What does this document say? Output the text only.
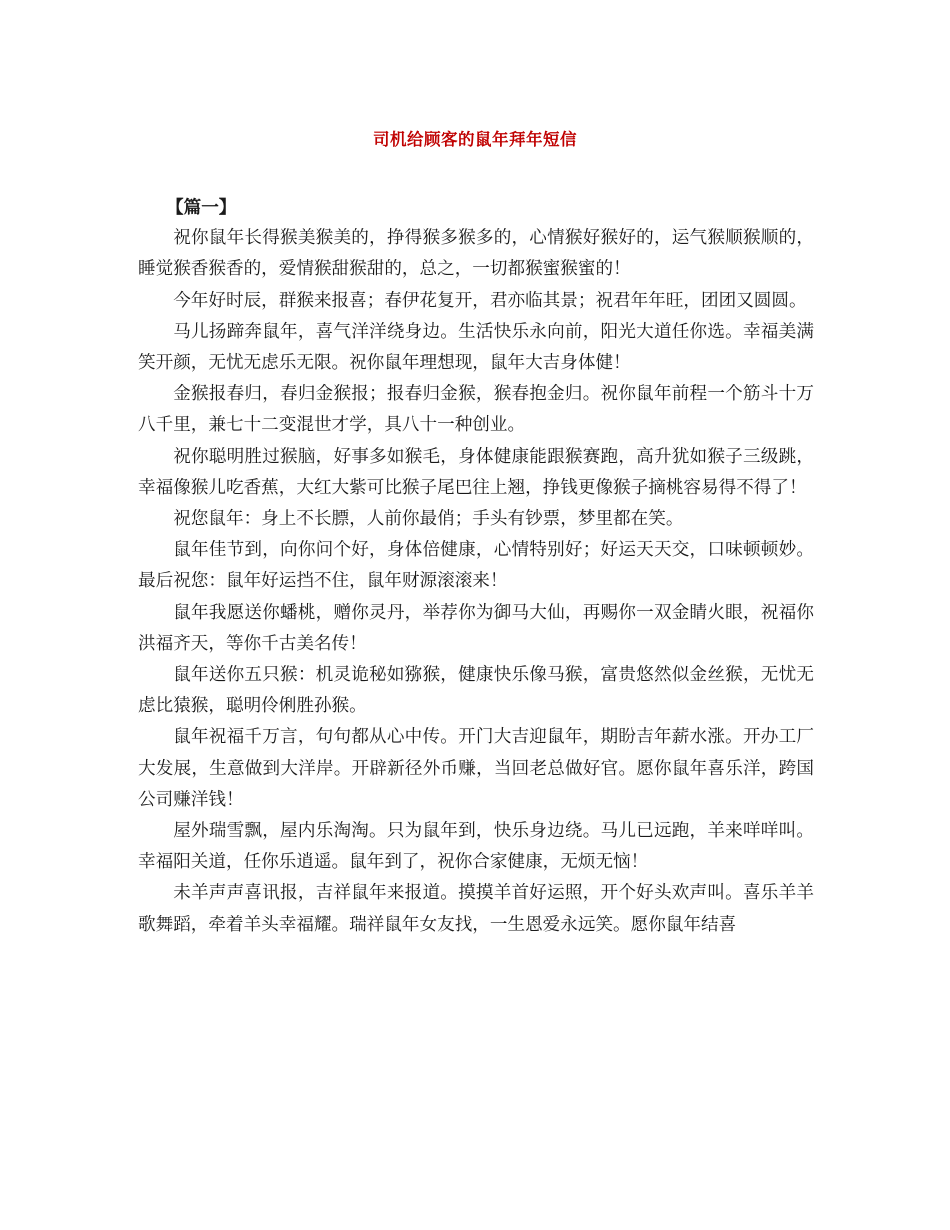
司机给顾客的鼠年拜年短信

【篇一】

祝你鼠年长得猴美猴美的，挣得猴多猴多的，心情猴好猴好的，运气猴顺猴顺的，睡觉猴香猴香的，爱情猴甜猴甜的，总之，一切都猴蜜猴蜜的！

今年好时辰，群猴来报喜；春伊花复开，君亦临其景；祝君年年旺，团团又圆圆。

马儿扬蹄奔鼠年，喜气洋洋绕身边。生活快乐永向前，阳光大道任你选。幸福美满笑开颜，无忧无虑乐无限。祝你鼠年理想现，鼠年大吉身体健！

金猴报春归，春归金猴报；报春归金猴，猴春抱金归。祝你鼠年前程一个筋斗十万八千里，兼七十二变混世才学，具八十一种创业。

祝你聪明胜过猴脑，好事多如猴毛，身体健康能跟猴赛跑，高升犹如猴子三级跳，幸福像猴儿吃香蕉，大红大紫可比猴子尾巴往上翘，挣钱更像猴子摘桃容易得不得了！

祝您鼠年：身上不长膘，人前你最俏；手头有钞票，梦里都在笑。

鼠年佳节到，向你问个好，身体倍健康，心情特别好；好运天天交，口味顿顿妙。最后祝您：鼠年好运挡不住，鼠年财源滚滚来！

鼠年我愿送你蟠桃，赠你灵丹，举荐你为御马大仙，再赐你一双金睛火眼，祝福你洪福齐天，等你千古美名传！

鼠年送你五只猴：机灵诡秘如猕猴，健康快乐像马猴，富贵悠然似金丝猴，无忧无虑比猿猴，聪明伶俐胜孙猴。

鼠年祝福千万言，句句都从心中传。开门大吉迎鼠年，期盼吉年薪水涨。开办工厂大发展，生意做到大洋岸。开辟新径外币赚，当回老总做好官。愿你鼠年喜乐洋，跨国公司赚洋钱！

屋外瑞雪飘，屋内乐淘淘。只为鼠年到，快乐身边绕。马儿已远跑，羊来咩咩叫。幸福阳关道，任你乐逍遥。鼠年到了，祝你合家健康，无烦无恼！

未羊声声喜讯报，吉祥鼠年来报道。摸摸羊首好运照，开个好头欢声叫。喜乐羊羊歌舞蹈，牵着羊头幸福耀。瑞祥鼠年女友找，一生恩爱永远笑。愿你鼠年结喜
